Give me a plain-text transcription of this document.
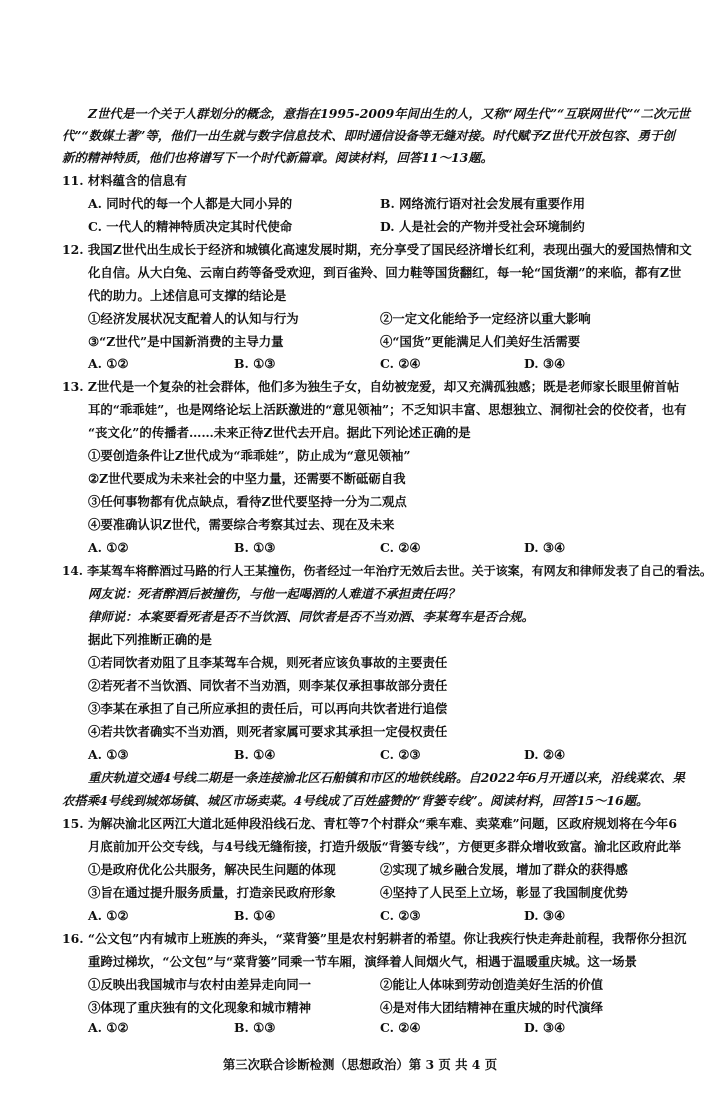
Z世代是一个关于人群划分的概念，意指在1995-2009年间出生的人，又称“网生代”“互联网世代”“二次元世
代”“数媒土著”等，他们一出生就与数字信息技术、即时通信设备等无缝对接。时代赋予Z世代开放包容、勇于创
新的精神特质，他们也将谱写下一个时代新篇章。阅读材料，回答11～13题。
11. 材料蕴含的信息有
A. 同时代的每一个人都是大同小异的	B. 网络流行语对社会发展有重要作用
C. 一代人的精神特质决定其时代使命	D. 人是社会的产物并受社会环境制约
12. 我国Z世代出生成长于经济和城镇化高速发展时期，充分享受了国民经济增长红利，表现出强大的爱国热情和文
化自信。从大白兔、云南白药等备受欢迎，到百雀羚、回力鞋等国货翻红，每一轮“国货潮”的来临，都有Z世
代的助力。上述信息可支撑的结论是
①经济发展状况支配着人的认知与行为	②一定文化能给予一定经济以重大影响
③“Z世代”是中国新消费的主导力量	④“国货”更能满足人们美好生活需要
A. ①②	B. ①③	C. ②④	D. ③④
13. Z世代是一个复杂的社会群体，他们多为独生子女，自幼被宠爱，却又充满孤独感；既是老师家长眼里俯首帖
耳的“乖乖娃”，也是网络论坛上活跃激进的“意见领袖”；不乏知识丰富、思想独立、洞彻社会的佼佼者，也有
“丧文化”的传播者……未来正待Z世代去开启。据此下列论述正确的是
①要创造条件让Z世代成为“乖乖娃”，防止成为“意见领袖”
②Z世代要成为未来社会的中坚力量，还需要不断砥砺自我
③任何事物都有优点缺点，看待Z世代要坚持一分为二观点
④要准确认识Z世代，需要综合考察其过去、现在及未来
A. ①②	B. ①③	C. ②④	D. ③④
14. 李某驾车将醉酒过马路的行人王某撞伤，伤者经过一年治疗无效后去世。关于该案，有网友和律师发表了自己的看法。
网友说：死者醉酒后被撞伤，与他一起喝酒的人难道不承担责任吗？
律师说：本案要看死者是否不当饮酒、同饮者是否不当劝酒、李某驾车是否合规。
据此下列推断正确的是
①若同饮者劝阻了且李某驾车合规，则死者应该负事故的主要责任
②若死者不当饮酒、同饮者不当劝酒，则李某仅承担事故部分责任
③李某在承担了自己所应承担的责任后，可以再向共饮者进行追偿
④若共饮者确实不当劝酒，则死者家属可要求其承担一定侵权责任
A. ①③	B. ①④	C. ②③	D. ②④
重庆轨道交通4号线二期是一条连接渝北区石船镇和市区的地铁线路。自2022年6月开通以来，沿线菜农、果
农搭乘4号线到城郊场镇、城区市场卖菜。4号线成了百姓盛赞的“背篓专线”。阅读材料，回答15～16题。
15. 为解决渝北区两江大道北延伸段沿线石龙、青杠等7个村群众“乘车难、卖菜难”问题，区政府规划将在今年6
月底前加开公交专线，与4号线无缝衔接，打造升级版“背篓专线”，方便更多群众增收致富。渝北区政府此举
①是政府优化公共服务，解决民生问题的体现	②实现了城乡融合发展，增加了群众的获得感
③旨在通过提升服务质量，打造亲民政府形象	④坚持了人民至上立场，彰显了我国制度优势
A. ①②	B. ①④	C. ②③	D. ③④
16. “公文包”内有城市上班族的奔头，“菜背篓”里是农村躬耕者的希望。你让我疾行快走奔赴前程，我帮你分担沉
重跨过梯坎，“公文包”与“菜背篓”同乘一节车厢，演绎着人间烟火气，相遇于温暖重庆城。这一场景
①反映出我国城市与农村由差异走向同一	②能让人体味到劳动创造美好生活的价值
③体现了重庆独有的文化现象和城市精神	④是对伟大团结精神在重庆城的时代演绎
A. ①②	B. ①③	C. ②④	D. ③④
第三次联合诊断检测（思想政治）第 3 页 共 4 页
